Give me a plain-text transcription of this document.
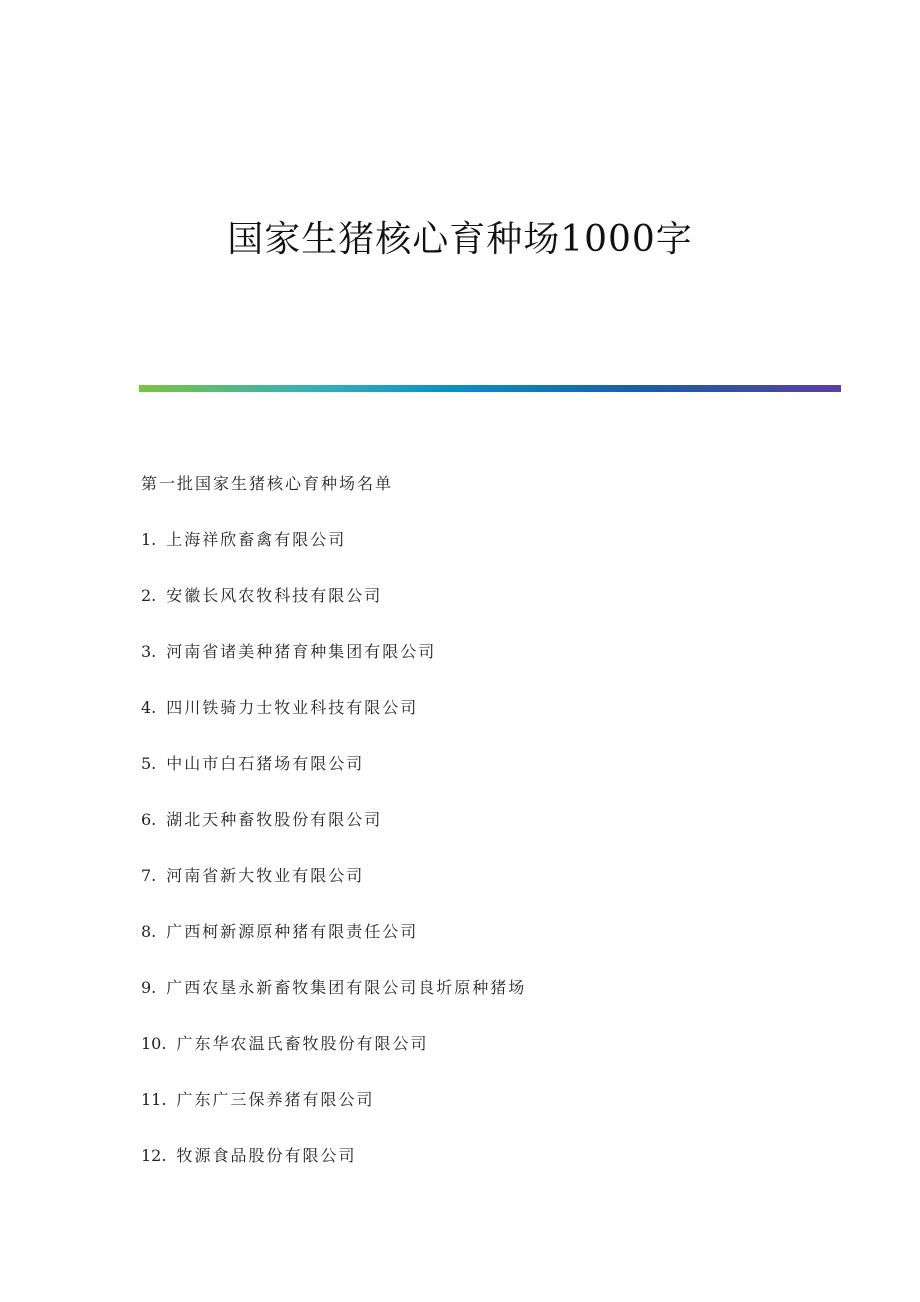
国家生猪核心育种场1000字
第一批国家生猪核心育种场名单
1. 上海祥欣畜禽有限公司
2. 安徽长风农牧科技有限公司
3. 河南省诸美种猪育种集团有限公司
4. 四川铁骑力士牧业科技有限公司
5. 中山市白石猪场有限公司
6. 湖北天种畜牧股份有限公司
7. 河南省新大牧业有限公司
8. 广西柯新源原种猪有限责任公司
9. 广西农垦永新畜牧集团有限公司良圻原种猪场
10. 广东华农温氏畜牧股份有限公司
11. 广东广三保养猪有限公司
12. 牧源食品股份有限公司
